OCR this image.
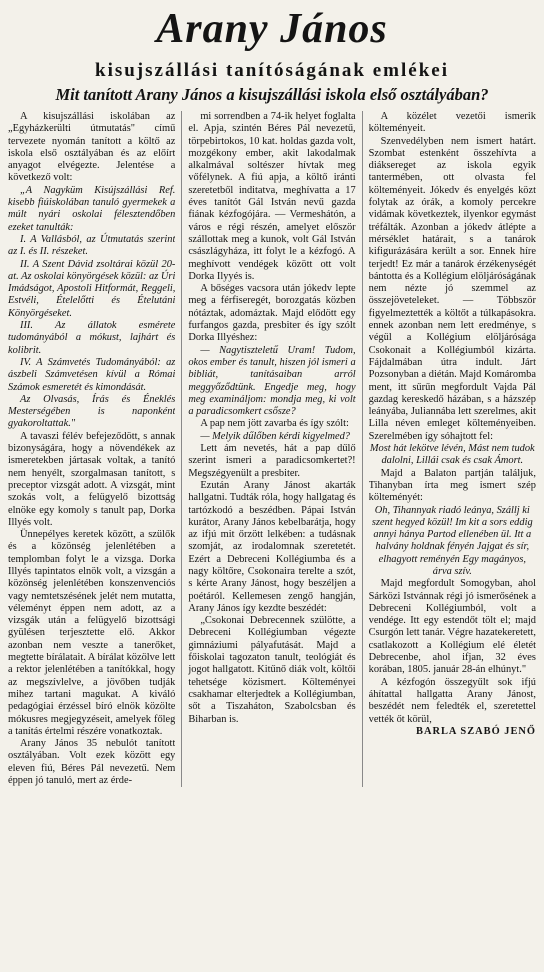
Arany János
kisujszállási tanítóságának emlékei
Mit tanított Arany János a kisujszállási iskola első osztályában?

A kisujszállási iskolában az „Egyházkerülti útmutatás" című tervezete nyomán tanított a költő az iskola első osztályában és az előírt anyagot elvégezte. Jelentése a következő volt:

„A Nagyküm Kisújszállási Ref. kisebb fiúiskolában tanuló gyermekek a múlt nyári oskolai félesztendőben ezeket tanulták:

I. A Vallásból, az Útmutatás szerint az I. és II. részeket.

II. A Szent Dávid zsoltárai közül 20-at. Az oskolai könyörgések közül: az Úri Imádságot, Apostoli Hitformát, Reggeli, Estvéli, Ételelőtti és Ételutáni Könyörgéseket.

III. Az állatok esmérete tudományából a mókust, lajhárt és kolibrit.

IV. A Számvetés Tudományából: az ászbeli Számvetésen kívül a Római Számok esmeretét és kimondását.

Az Olvasás, Írás és Éneklés Mesterségében is naponként gyakoroltattak."

A tavaszi félév befejeződött, s annak bizonyságára, hogy a növendékek az ismeretekben jártasak voltak, a tanító nem henyélt, szorgalmasan tanított, s preceptor vizsgát adott. A vizsgát, mint szokás volt, a felügyelő bizottság elnöke egy komoly s tanult pap, Dorka Illyés volt.

Ünnepélyes keretek között, a szülők és a közönség jelenlétében a templomban folyt le a vizsga. Dorka Illyés tapintatos elnök volt, a vizsgán a közönség jelenlétében konszenvenciós vagy nemtetszésének jelét nem mutatta, véleményt éppen nem adott, az a vizsgák után a felügyelő bizottsági gyülésen terjesztette elő. Akkor azonban nem veszte a tanerőket, megtette bírálatait. A bírálat közölve lett a rektor jelenlétében a tanítókkal, hogy az megszívlelve, a jövőben tudják mihez tartani magukat. A kiváló pedagógiai érzéssel bíró elnök közölte mókusres megjegyzéseit, amelyek főleg a tanítás értelmi részére vonatkoztak.

Arany János 35 nebulót tanított osztályában. Volt ezek között egy eleven fiú, Béres Pál nevezetű. Nem éppen jó tanuló, mert az érde-

mi sorrendben a 74-ik helyet foglalta el. Apja, szintén Béres Pál nevezetű, törpebirtokos, 10 kat. holdas gazda volt, mozgékony ember, akit lakodalmak alkalmával soltészer hívtak meg vőfélynek. A fiú apja, a költő iránti szeretetből inditatva, meghívatta a 17 éves tanítót Gál István nevű gazda fiának kézfogójára. — Vermeshátón, a város e régi részén, amelyet először szállottak meg a kunok, volt Gál István császlágyháza, itt folyt le a kézfogó. A meghívott vendégek között ott volt Dorka Ilyyés is.

A bőséges vacsora után jókedv lepte meg a férfiseregét, borozgatás közben nótáztak, adomáztak. Majd elődött egy furfangos gazda, presbiter és így szólt Dorka Illyéshez:

— Nagytiszteletű Uram! Tudom, okos ember és tanult, hiszen jól ismeri a bibliát, tanításaiban arról meggyőződtünk. Engedje meg, hogy meg examináljom: mondja meg, ki volt a paradicsomkert csősze?

A pap nem jött zavarba és így szólt:

— Melyik dűlőben kérdi kigyelmed?

Lett ám nevetés, hát a pap dűlő szerint ismeri a paradicsomkertet?! Megszégyenült a presbiter.

Ezután Arany Jánost akarták hallgatni. Tudták róla, hogy hallgatag és tartózkodó a beszédben. Pápai István kurátor, Arany János kebelbarátja, hogy az ifjú mit őrzött lelkében: a tudásnak szomját, az irodalomnak szeretetét. Ezért a Debreceni Kollégiumba és a nagy költőre, Csokonaira terelte a szót, s kérte Arany Jánost, hogy beszéljen a poétáról. Kellemesen zengő hangján, Arany János így kezdte beszédét:

„Csokonai Debrecennek szülötte, a Debreceni Kollégiumban végezte gimnáziumi pályafutását. Majd a főiskolai tagozaton tanult, teológiát és jogot hallgatott. Kitűnő diák volt, költői tehetsége közismert. Költeményei csakhamar elterjedtek a Kollégiumban, sőt a Tiszaháton, Szabolcsban és Biharban is.

A közélet vezetői ismerik költeményeit.

Szenvedélyben nem ismert határt. Szombat estenként összehívta a diáksereget az iskola egyik tantermében, ott olvasta fel költeményeit. Jókedv és enyelgés közt folytak az órák, a komoly percekre vidámak következtek, ilyenkor egymást tréfálták. Azonban a jókedv átlépte a mérséklet határait, s a tanárok kifigurázására került a sor. Ennek híre terjedt! Ez már a tanárok érzékenységét bántotta és a Kollégium elöljáróságának nem nézte jó szemmel az összejöveteleket. — Többször figyelmeztették a költőt a túlkapásokra. ennek azonban nem lett eredménye, s végül a Kollégium elöljárósága Csokonait a Kollégiumból kizárta. Fájdalmában útra indult. Járt Pozsonyban a diétán. Majd Komáromba ment, itt sűrűn megfordult Vajda Pál gazdag kereskedő házában, s a házszép leányába, Juliannába lett szerelmes, akit Lilla néven emleget költeményeiben. Szerelmében így sóhajtott fel:

Most hát lekötve lévén, Mást nem tudok dalolni, Lillái csak és csak Ámort.

Majd a Balaton partján találjuk, Tihanyban írta meg ismert szép költeményét:

Oh, Tihannyak riadó leánya, Szállj ki szent hegyed közül! Im kit a sors eddig annyi hánya Partod ellenében ül. Itt a halvány holdnak fényén Jajgat és sír, elhagyott reményén Egy magányos, árva szív.

Majd megfordult Somogyban, ahol Sárközi Istvánnak régi jó ismerősének a Debreceni Kollégiumból, volt a vendége. Itt egy estendőt tölt el; majd Csurgón lett tanár. Végre hazatekeretett, csatlakozott a Kollégium elé életét Debrecenbe, ahol ifjan, 32 éves korában, 1805. január 28-án elhúnyt."

A kézfogón összegyűlt sok ifjú áhítattal hallgatta Arany Jánost, beszédét nem feledték el, szeretettel vették őt körül,

BARLA SZABÓ JENŐ
